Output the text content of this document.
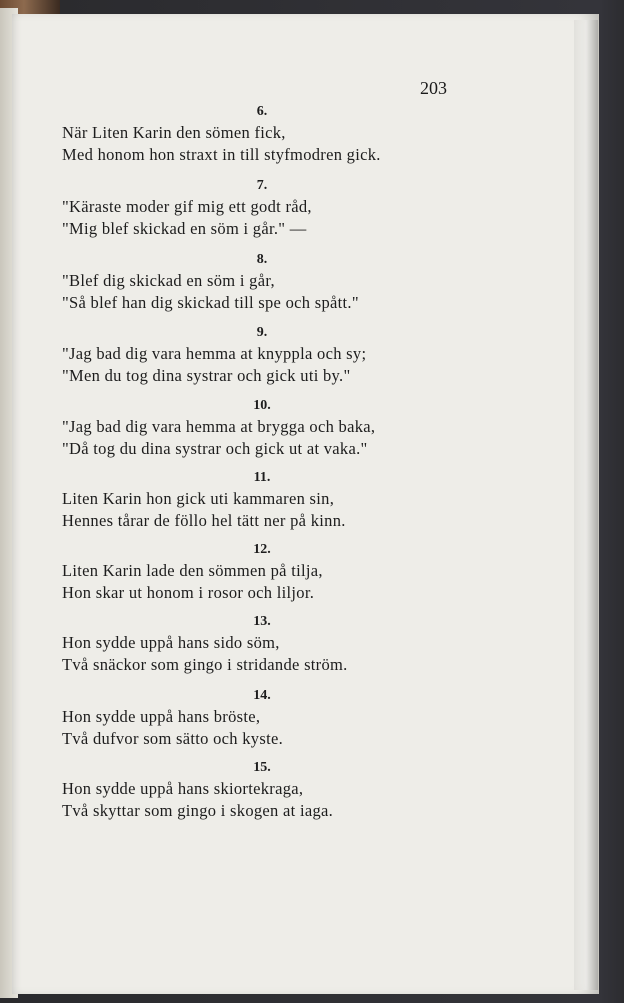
203
6.
När Liten Karin den sömen fick,
Med honom hon straxt in till styfmodren gick.
7.
"Käraste moder gif mig ett godt råd,
"Mig blef skickad en söm i går." —
8.
"Blef dig skickad en söm i går,
"Så blef han dig skickad till spe och spått."
9.
"Jag bad dig vara hemma at knyppla och sy;
"Men du tog dina systrar och gick uti by."
10.
"Jag bad dig vara hemma at brygga och baka,
"Då tog du dina systrar och gick ut at vaka."
11.
Liten Karin hon gick uti kammaren sin,
Hennes tårar de föllo hel tätt ner på kinn.
12.
Liten Karin lade den sömmen på tilja,
Hon skar ut honom i rosor och liljor.
13.
Hon sydde uppå hans sido söm,
Två snäckor som gingo i stridande ström.
14.
Hon sydde uppå hans bröste,
Två dufvor som sätto och kyste.
15.
Hon sydde uppå hans skiortekraga,
Två skyttar som gingo i skogen at iaga.
